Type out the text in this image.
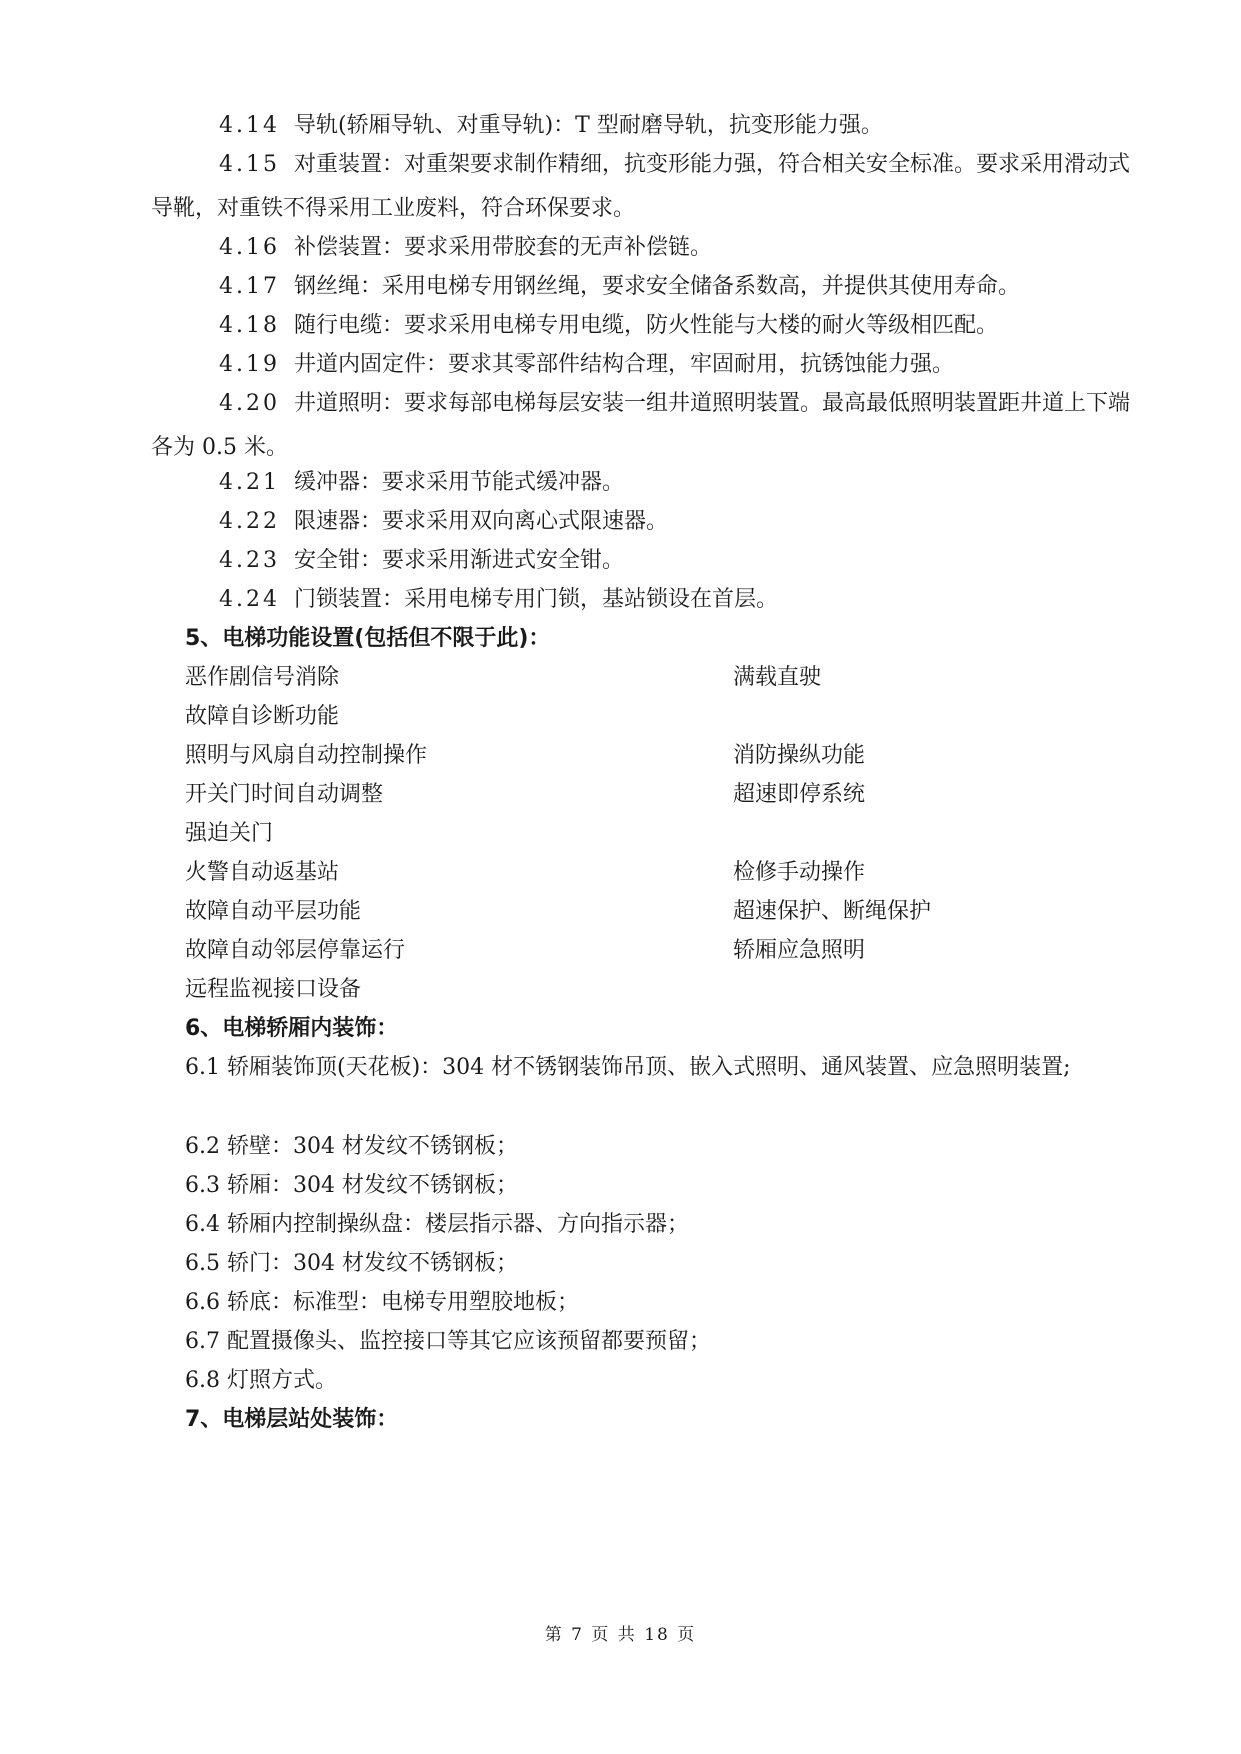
4.14 导轨(轿厢导轨、对重导轨)：T 型耐磨导轨，抗变形能力强。

4.15 对重装置：对重架要求制作精细，抗变形能力强，符合相关安全标准。要求采用滑动式导靴，对重铁不得采用工业废料，符合环保要求。

4.16 补偿装置：要求采用带胶套的无声补偿链。

4.17 钢丝绳：采用电梯专用钢丝绳，要求安全储备系数高，并提供其使用寿命。

4.18 随行电缆：要求采用电梯专用电缆，防火性能与大楼的耐火等级相匹配。

4.19 井道内固定件：要求其零部件结构合理，牢固耐用，抗锈蚀能力强。

4.20 井道照明：要求每部电梯每层安装一组井道照明装置。最高最低照明装置距井道上下端各为 0.5 米。

4.21 缓冲器：要求采用节能式缓冲器。

4.22 限速器：要求采用双向离心式限速器。

4.23 安全钳：要求采用渐进式安全钳。

4.24 门锁装置：采用电梯专用门锁，基站锁设在首层。

5、电梯功能设置(包括但不限于此)：

恶作剧信号消除	满载直驶

故障自诊断功能

照明与风扇自动控制操作	消防操纵功能

开关门时间自动调整	超速即停系统

强迫关门

火警自动返基站	检修手动操作

故障自动平层功能	超速保护、断绳保护

故障自动邻层停靠运行	轿厢应急照明

远程监视接口设备

6、电梯轿厢内装饰：

6.1 轿厢装饰顶(天花板)：304 材不锈钢装饰吊顶、嵌入式照明、通风装置、应急照明装置;

6.2 轿壁：304 材发纹不锈钢板；

6.3 轿厢：304 材发纹不锈钢板；

6.4 轿厢内控制操纵盘：楼层指示器、方向指示器；

6.5 轿门：304 材发纹不锈钢板；

6.6 轿底：标准型：电梯专用塑胶地板；

6.7 配置摄像头、监控接口等其它应该预留都要预留；

6.8 灯照方式。

7、电梯层站处装饰：

第 7 页 共 18 页
